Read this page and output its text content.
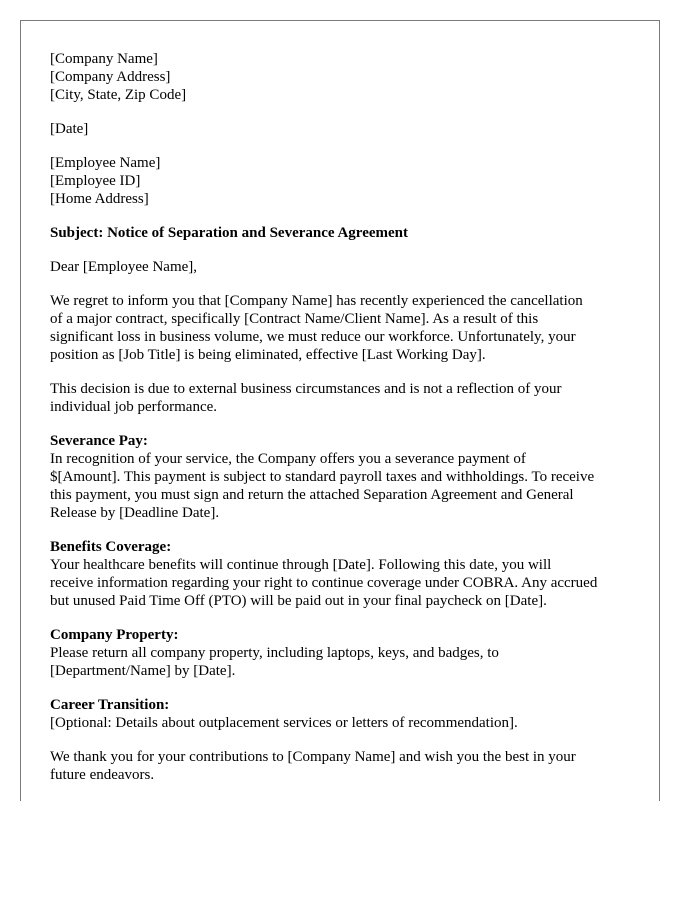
[Company Name]
[Company Address]
[City, State, Zip Code]
[Date]
[Employee Name]
[Employee ID]
[Home Address]
Subject: Notice of Separation and Severance Agreement
Dear [Employee Name],

We regret to inform you that [Company Name] has recently experienced the cancellation
of a major contract, specifically [Contract Name/Client Name]. As a result of this
significant loss in business volume, we must reduce our workforce. Unfortunately, your
position as [Job Title] is being eliminated, effective [Last Working Day].

This decision is due to external business circumstances and is not a reflection of your
individual job performance.

Severance Pay:
In recognition of your service, the Company offers you a severance payment of
$[Amount]. This payment is subject to standard payroll taxes and withholdings. To receive
this payment, you must sign and return the attached Separation Agreement and General
Release by [Deadline Date].

Benefits Coverage:
Your healthcare benefits will continue through [Date]. Following this date, you will
receive information regarding your right to continue coverage under COBRA. Any accrued
but unused Paid Time Off (PTO) will be paid out in your final paycheck on [Date].

Company Property:
Please return all company property, including laptops, keys, and badges, to
[Department/Name] by [Date].

Career Transition:
[Optional: Details about outplacement services or letters of recommendation].

We thank you for your contributions to [Company Name] and wish you the best in your
future endeavors.
